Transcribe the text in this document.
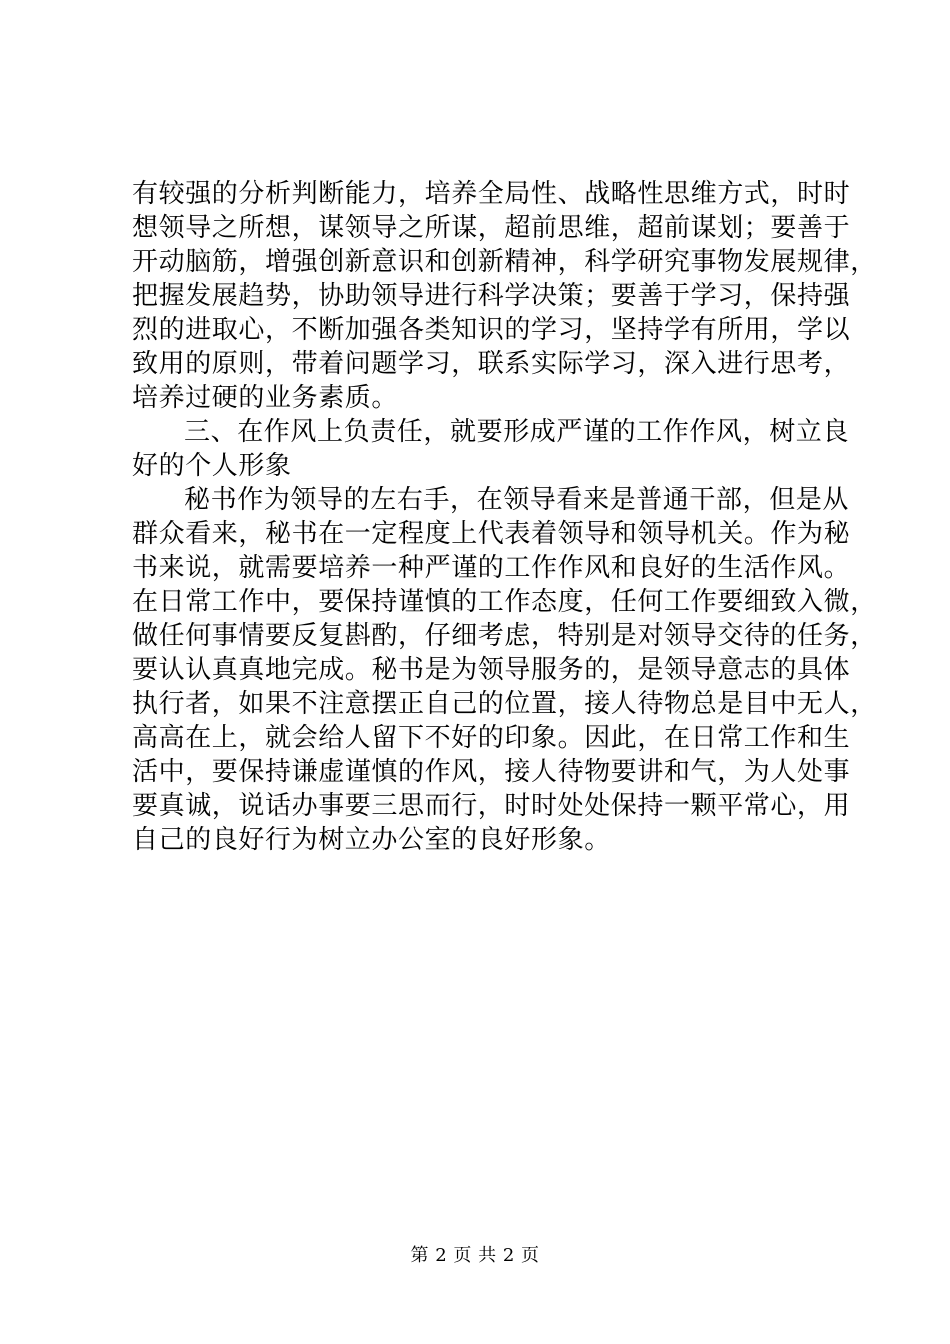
有较强的分析判断能力，培养全局性、战略性思维方式，时时
想领导之所想，谋领导之所谋，超前思维，超前谋划；要善于
开动脑筋，增强创新意识和创新精神，科学研究事物发展规律，
把握发展趋势，协助领导进行科学决策；要善于学习，保持强
烈的进取心，不断加强各类知识的学习，坚持学有所用，学以
致用的原则，带着问题学习，联系实际学习，深入进行思考，
培养过硬的业务素质。
三、在作风上负责任，就要形成严谨的工作作风，树立良
好的个人形象
秘书作为领导的左右手，在领导看来是普通干部，但是从
群众看来，秘书在一定程度上代表着领导和领导机关。作为秘
书来说，就需要培养一种严谨的工作作风和良好的生活作风。
在日常工作中，要保持谨慎的工作态度，任何工作要细致入微，
做任何事情要反复斟酌，仔细考虑，特别是对领导交待的任务，
要认认真真地完成。秘书是为领导服务的，是领导意志的具体
执行者，如果不注意摆正自己的位置，接人待物总是目中无人，
高高在上，就会给人留下不好的印象。因此，在日常工作和生
活中，要保持谦虚谨慎的作风，接人待物要讲和气，为人处事
要真诚，说话办事要三思而行，时时处处保持一颗平常心，用
自己的良好行为树立办公室的良好形象。
第 2 页 共 2 页
